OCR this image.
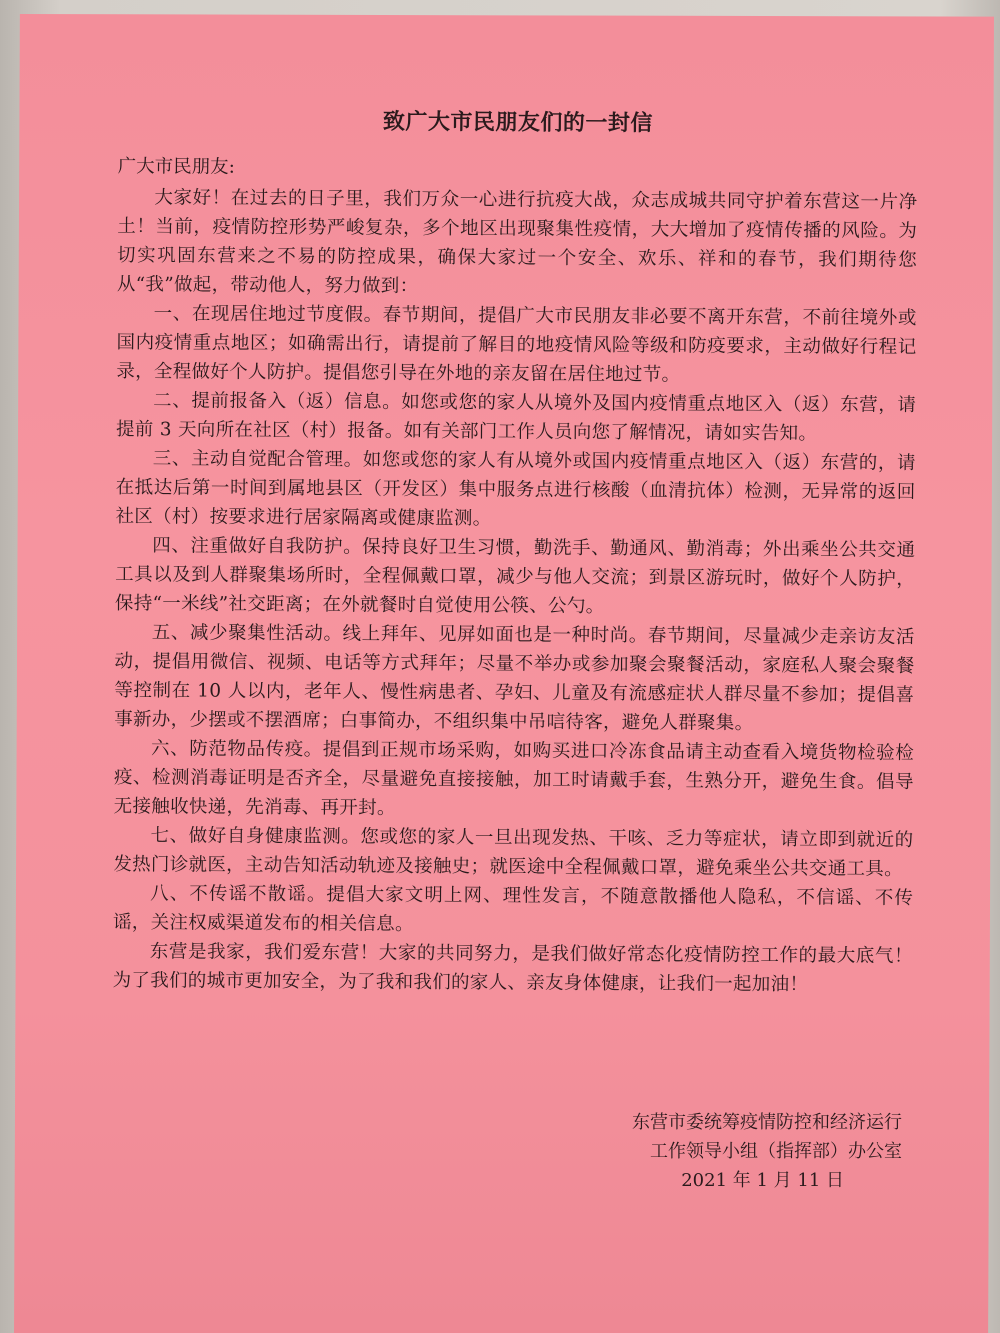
致广大市民朋友们的一封信
广大市民朋友:

大家好！在过去的日子里，我们万众一心进行抗疫大战，众志成城共同守护着东营这一片净土！当前，疫情防控形势严峻复杂，多个地区出现聚集性疫情，大大增加了疫情传播的风险。为切实巩固东营来之不易的防控成果，确保大家过一个安全、欢乐、祥和的春节，我们期待您从“我”做起，带动他人，努力做到：

一、在现居住地过节度假。春节期间，提倡广大市民朋友非必要不离开东营，不前往境外或国内疫情重点地区；如确需出行，请提前了解目的地疫情风险等级和防疫要求，主动做好行程记录，全程做好个人防护。提倡您引导在外地的亲友留在居住地过节。

二、提前报备入（返）信息。如您或您的家人从境外及国内疫情重点地区入（返）东营，请提前 3 天向所在社区（村）报备。如有关部门工作人员向您了解情况，请如实告知。

三、主动自觉配合管理。如您或您的家人有从境外或国内疫情重点地区入（返）东营的，请在抵达后第一时间到属地县区（开发区）集中服务点进行核酸（血清抗体）检测，无异常的返回社区（村）按要求进行居家隔离或健康监测。

四、注重做好自我防护。保持良好卫生习惯，勤洗手、勤通风、勤消毒；外出乘坐公共交通工具以及到人群聚集场所时，全程佩戴口罩，减少与他人交流；到景区游玩时，做好个人防护，保持“一米线”社交距离；在外就餐时自觉使用公筷、公勺。

五、减少聚集性活动。线上拜年、见屏如面也是一种时尚。春节期间，尽量减少走亲访友活动，提倡用微信、视频、电话等方式拜年；尽量不举办或参加聚会聚餐活动，家庭私人聚会聚餐等控制在 10 人以内，老年人、慢性病患者、孕妇、儿童及有流感症状人群尽量不参加；提倡喜事新办，少摆或不摆酒席；白事简办，不组织集中吊唁待客，避免人群聚集。

六、防范物品传疫。提倡到正规市场采购，如购买进口冷冻食品请主动查看入境货物检验检疫、检测消毒证明是否齐全，尽量避免直接接触，加工时请戴手套，生熟分开，避免生食。倡导无接触收快递，先消毒、再开封。

七、做好自身健康监测。您或您的家人一旦出现发热、干咳、乏力等症状，请立即到就近的发热门诊就医，主动告知活动轨迹及接触史；就医途中全程佩戴口罩，避免乘坐公共交通工具。

八、不传谣不散谣。提倡大家文明上网、理性发言，不随意散播他人隐私，不信谣、不传谣，关注权威渠道发布的相关信息。

东营是我家，我们爱东营！大家的共同努力，是我们做好常态化疫情防控工作的最大底气！为了我们的城市更加安全，为了我和我们的家人、亲友身体健康，让我们一起加油！

东营市委统筹疫情防控和经济运行
工作领导小组（指挥部）办公室
2021 年 1 月 11 日
